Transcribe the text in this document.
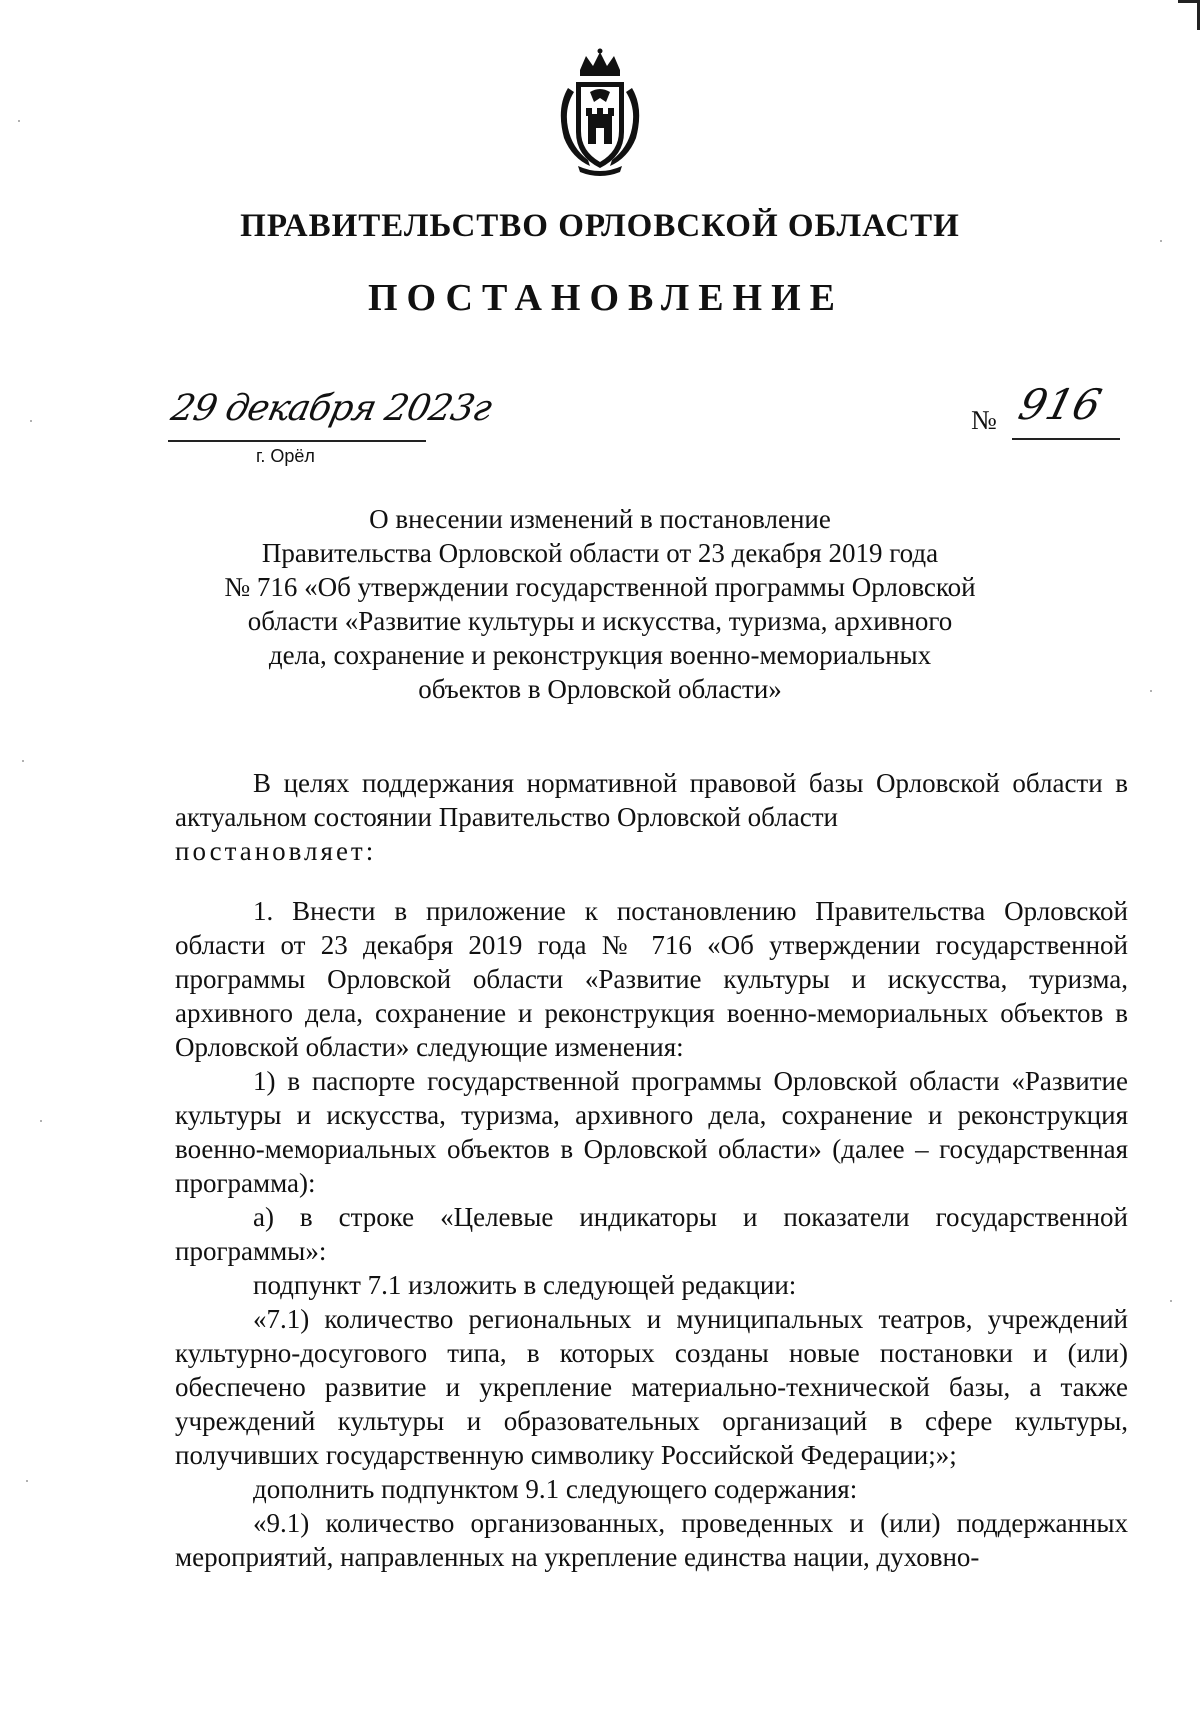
ПРАВИТЕЛЬСТВО ОРЛОВСКОЙ ОБЛАСТИ
ПОСТАНОВЛЕНИЕ
29 декабря 2023г
г. Орёл
№ 916
О внесении изменений в постановление
Правительства Орловской области от 23 декабря 2019 года
№ 716 «Об утверждении государственной программы Орловской
области «Развитие культуры и искусства, туризма, архивного
дела, сохранение и реконструкция военно-мемориальных
объектов в Орловской области»

В целях поддержания нормативной правовой базы Орловской области в актуальном состоянии Правительство Орловской области

постановляет:

1. Внести в приложение к постановлению Правительства Орловской области от 23 декабря 2019 года № 716 «Об утверждении государственной программы Орловской области «Развитие культуры и искусства, туризма, архивного дела, сохранение и реконструкция военно-мемориальных объектов в Орловской области» следующие изменения:

1) в паспорте государственной программы Орловской области «Развитие культуры и искусства, туризма, архивного дела, сохранение и реконструкция военно-мемориальных объектов в Орловской области» (далее – государственная программа):

а) в строке «Целевые индикаторы и показатели государственной программы»:

подпункт 7.1 изложить в следующей редакции:

«7.1) количество региональных и муниципальных театров, учреждений культурно-досугового типа, в которых созданы новые постановки и (или) обеспечено развитие и укрепление материально-технической базы, а также учреждений культуры и образовательных организаций в сфере культуры, получивших государственную символику Российской Федерации;»;

дополнить подпунктом 9.1 следующего содержания:

«9.1) количество организованных, проведенных и (или) поддержанных мероприятий, направленных на укрепление единства нации, духовно-
